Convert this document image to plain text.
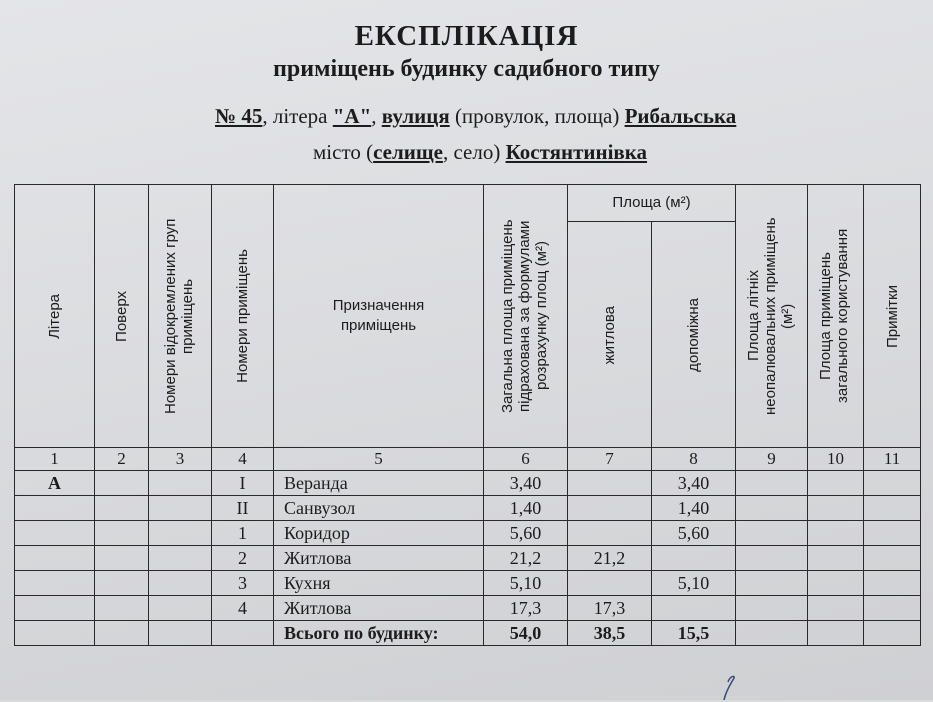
ЕКСПЛІКАЦІЯ
приміщень будинку садибного типу
№ 45, літера "А", вулиця (провулок, площа) Рибальська
місто (селище, село) Костянтинівка
Літера	Поверх	Номери відокремлених груп приміщень	Номери приміщень	Призначення приміщень	Загальна площа приміщень підрахована за формулами розрахунку площ (м²)	Площа (м²)		Площа літніх неопалювальних приміщень (м²)	Площа приміщень загального користування	Примітки

						житлова	допоміжна			

1	2	3	4	5	6	7	8	9	10	11
А			I	Веранда	3,40		3,40			
			II	Санвузол	1,40		1,40			
			1	Коридор	5,60		5,60			
			2	Житлова	21,2	21,2				
			3	Кухня	5,10		5,10			
			4	Житлова	17,3	17,3				
				Всього по будинку:	54,0	38,5	15,5			
